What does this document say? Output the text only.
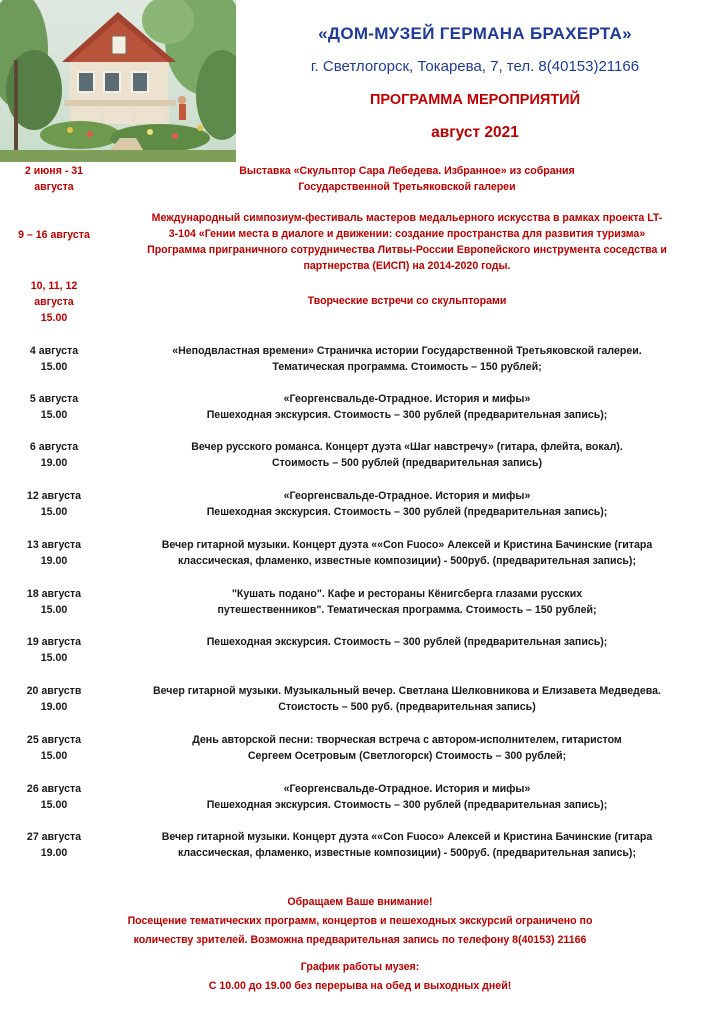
«ДОМ-МУЗЕЙ ГЕРМАНА БРАХЕРТА»
г. Светлогорск, Токарева, 7, тел. 8(40153)21166
ПРОГРАММА МЕРОПРИЯТИЙ
август 2021
2 июня - 31
августа
Выставка «Скульптор Сара Лебедева. Избранное» из собрания
Государственной Третьяковской галереи
9 – 16 августа
Международный симпозиум-фестиваль мастеров медальерного искусства в рамках проекта LT-
3-104 «Гении места в диалоге и движении: создание пространства для развития туризма»
Программа приграничного сотрудничества Литвы-России Европейского инструмента соседства и
партнерства (ЕИСП) на 2014-2020 годы.
10, 11, 12
августа
15.00
Творческие встречи со скульпторами
4 августа
15.00
«Неподвластная времени» Страничка истории Государственной Третьяковской галереи.
Тематическая программа. Стоимость – 150 рублей;
5 августа
15.00
«Георгенсвальде-Отрадное. История и мифы»
Пешеходная экскурсия. Стоимость – 300 рублей (предварительная запись);
6 августа
19.00
Вечер русского романса. Концерт дуэта «Шаг навстречу» (гитара, флейта, вокал).
Стоимость – 500 рублей (предварительная запись)
12 августа
15.00
«Георгенсвальде-Отрадное. История и мифы»
Пешеходная экскурсия. Стоимость – 300 рублей (предварительная запись);
13 августа
19.00
Вечер гитарной музыки. Концерт дуэта ««Con Fuoco» Алексей и Кристина Бачинские (гитара
классическая, фламенко, известные композиции) - 500руб. (предварительная запись);
18 августа
15.00
"Кушать подано". Кафе и рестораны Кёнигсберга глазами русских
путешественников". Тематическая программа. Стоимость – 150 рублей;
19 августа
15.00
Пешеходная экскурсия. Стоимость – 300 рублей (предварительная запись);
20 августв
19.00
Вечер гитарной музыки. Музыкальный вечер. Светлана Шелковникова и Елизавета Медведева.
Стоистость – 500 руб. (предварительная запись)
25 августа
15.00
День авторской песни: творческая встреча с автором-исполнителем, гитаристом
Сергеем Осетровым (Светлогорск) Стоимость – 300 рублей;
26 августа
15.00
«Георгенсвальде-Отрадное. История и мифы»
Пешеходная экскурсия. Стоимость – 300 рублей (предварительная запись);
27 августа
19.00
Вечер гитарной музыки. Концерт дуэта ««Con Fuoco» Алексей и Кристина Бачинские (гитара
классическая, фламенко, известные композиции) - 500руб. (предварительная запись);
Обращаем Ваше внимание!
Посещение тематических программ, концертов и пешеходных экскурсий ограничено по
количеству зрителей. Возможна предварительная запись по телефону 8(40153) 21166
График работы музея:
С 10.00 до 19.00 без перерыва на обед и выходных дней!
